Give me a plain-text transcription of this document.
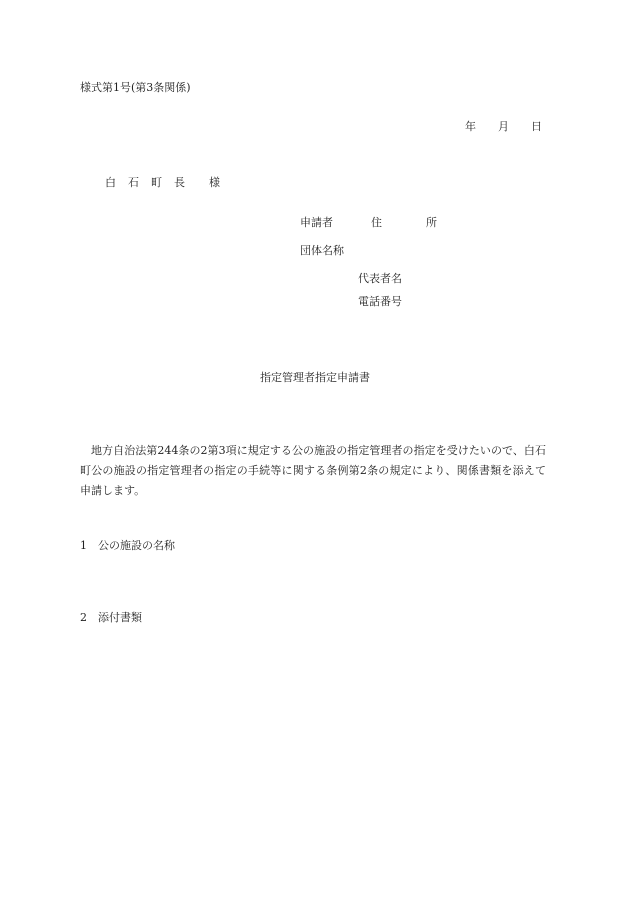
様式第1号(第3条関係)
年 月 日
白 石 町 長 様
申請者	住	所
団体名称
代表者名
電話番号
指定管理者指定申請書
地方自治法第244条の2第3項に規定する公の施設の指定管理者の指定を受けたいので、白石町公の施設の指定管理者の指定の手続等に関する条例第2条の規定により、関係書類を添えて申請します。
1 公の施設の名称
2 添付書類
